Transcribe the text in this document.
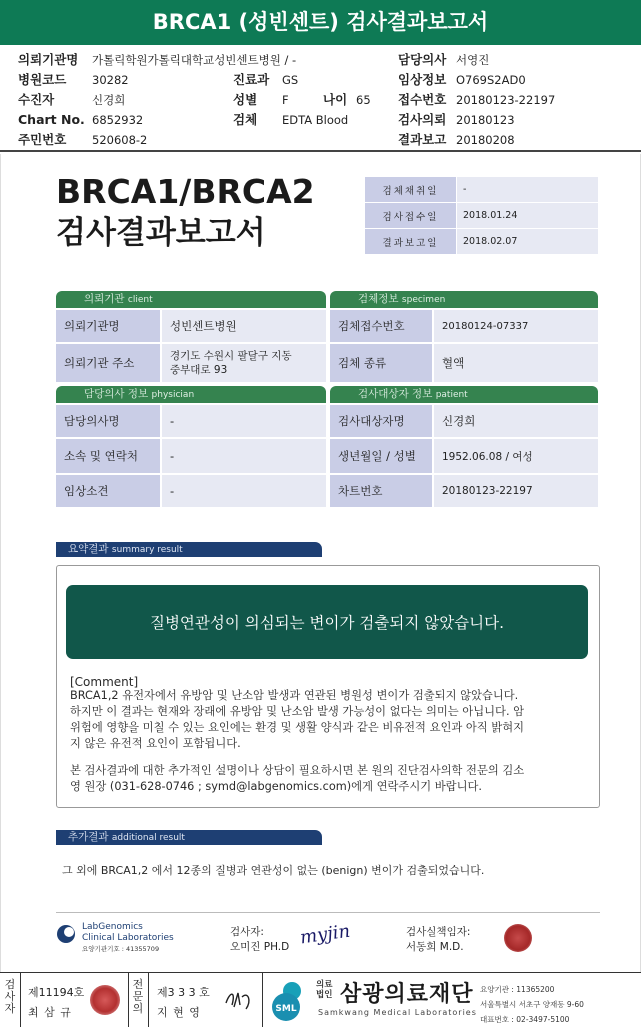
BRCA1 (성빈센트) 검사결과보고서
의뢰기관명 가톨릭학원가톨릭대학교성빈센트병원 / -	담당의사 서영진
병원코드 30282	진료과 GS	임상정보 O769S2AD0
수진자	신경희	성별 F	나이 65 접수번호 20180123-22197
Chart No. 6852932	검체 EDTA Blood	검사의뢰 20180123
주민번호 520608-2	결과보고 20180208
BRCA1/BRCA2
검사결과보고서
검체채취일	-
검사접수일	2018.01.24
결과보고일	2018.02.07
의뢰기관 client	검체정보 specimen
의뢰기관명	성빈센트병원
의뢰기관 주소	경기도 수원시 팔달구 지동 중부대로 93
검체접수번호	20180124-07337
검체 종류	혈액
담당의사 정보 physician	검사대상자 정보 patient
담당의사명	-
소속 및 연락처	-
임상소견	-
검사대상자명	신경희
생년월일 / 성별	1952.06.08 / 여성
차트번호	20180123-22197
요약결과 summary result
질병연관성이 의심되는 변이가 검출되지 않았습니다.
[Comment]
BRCA1,2 유전자에서 유방암 및 난소암 발생과 연관된 병원성 변이가 검출되지 않았습니다.
하지만 이 결과는 현재와 장래에 유방암 및 난소암 발생 가능성이 없다는 의미는 아닙니다. 암
위험에 영향을 미칠 수 있는 요인에는 환경 및 생활 양식과 같은 비유전적 요인과 아직 밝혀지
지 않은 유전적 요인이 포함됩니다.
본 검사결과에 대한 추가적인 설명이나 상담이 필요하시면 본 원의 진단검사의학 전문의 김소
영 원장 (031-628-0746 ; symd@labgenomics.com)에게 연락주시기 바랍니다.
추가결과 additional result
그 외에 BRCA1,2 에서 12종의 질병과 연관성이 없는 (benign) 변이가 검출되었습니다.
LabGenomics
Clinical Laboratories
요양기관기호 : 41355709
검사자:
오미진 PH.D myjin	검사실책임자:
서동희 M.D.
검사자
제11194호
최 삼 규
전문의
제3 3 3 호
지 현 영	SML
의료법인 삼광의료재단
Samkwang Medical Laboratories
요양기관 : 11365200
서울특별시 서초구 양재동 9-60
대표번호 : 02-3497-5100
